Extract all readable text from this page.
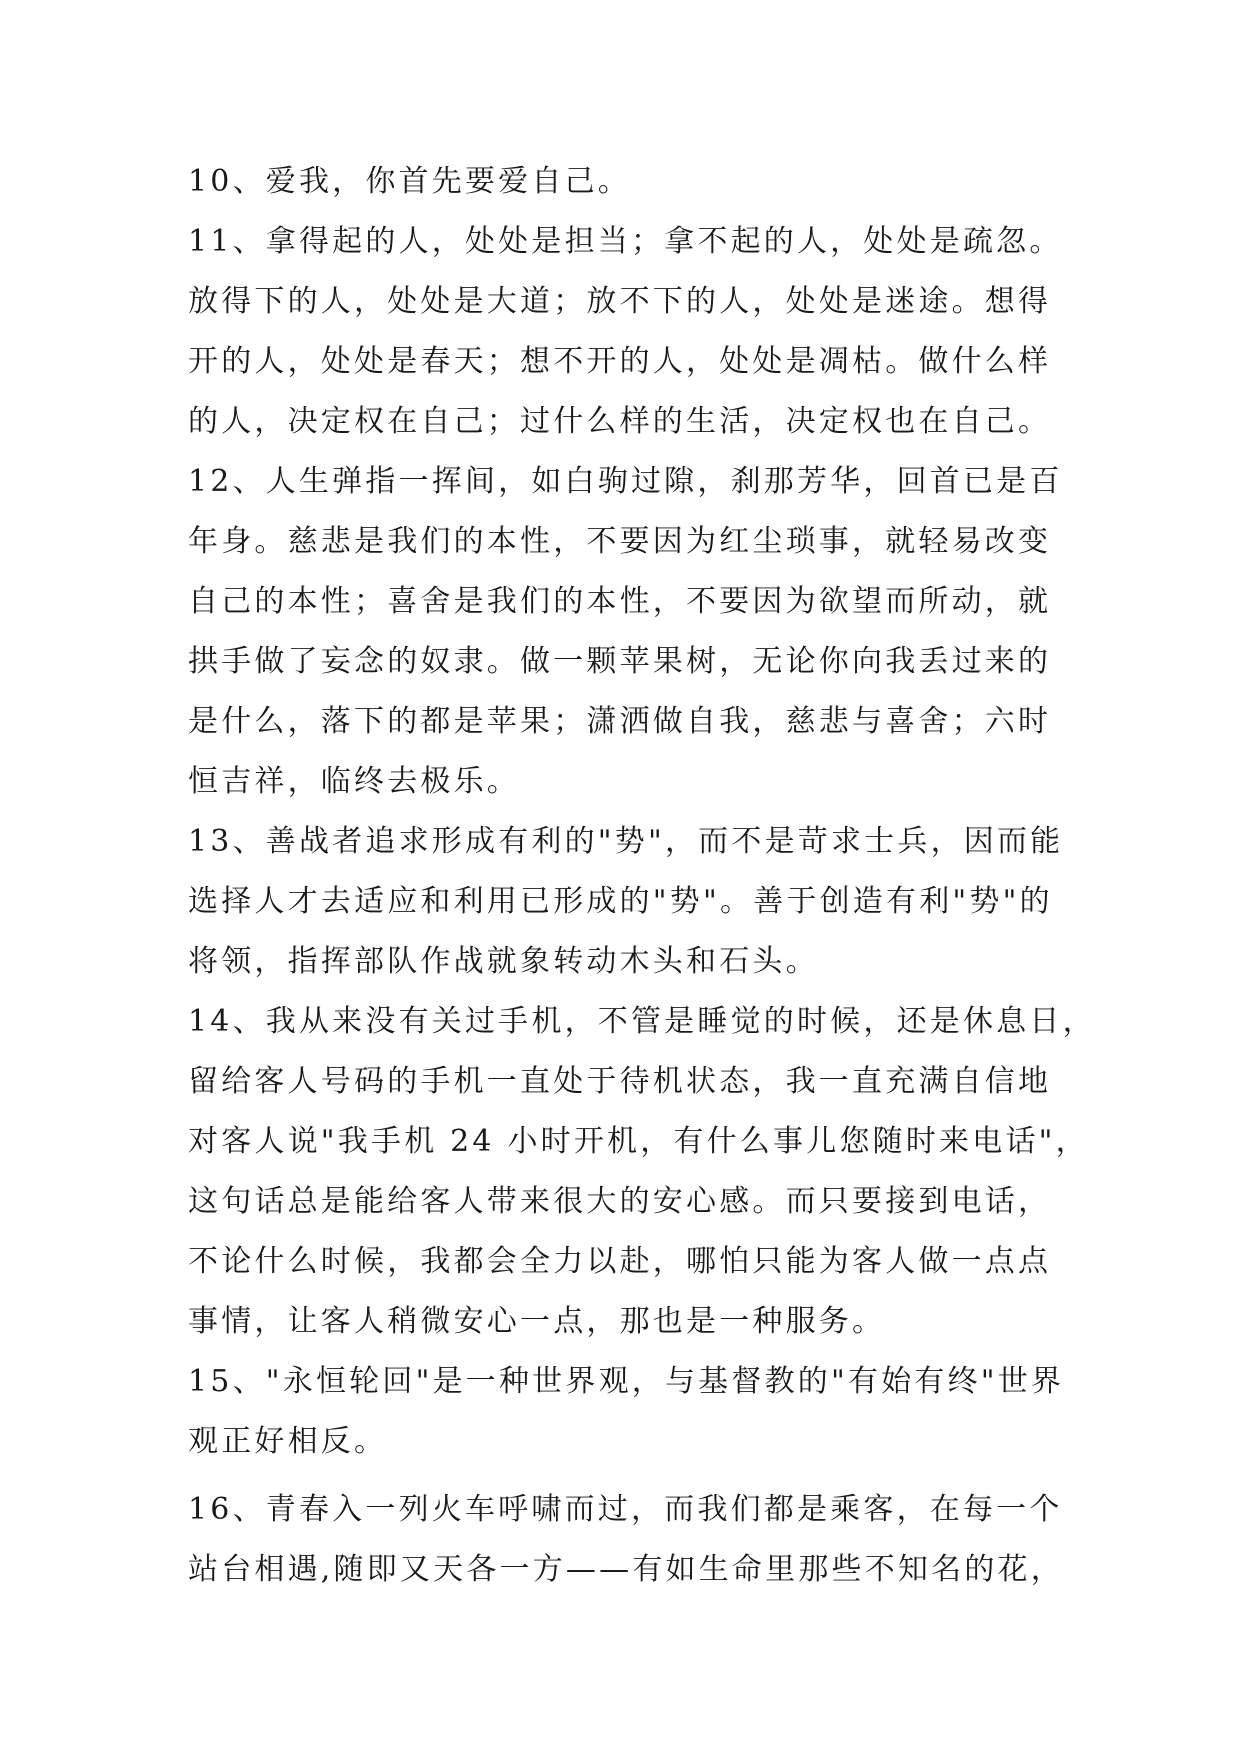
10、爱我，你首先要爱自己。
11、拿得起的人，处处是担当；拿不起的人，处处是疏忽。
放得下的人，处处是大道；放不下的人，处处是迷途。想得
开的人，处处是春天；想不开的人，处处是凋枯。做什么样
的人，决定权在自己；过什么样的生活，决定权也在自己。
12、人生弹指一挥间，如白驹过隙，刹那芳华，回首已是百
年身。慈悲是我们的本性，不要因为红尘琐事，就轻易改变
自己的本性；喜舍是我们的本性，不要因为欲望而所动，就
拱手做了妄念的奴隶。做一颗苹果树，无论你向我丢过来的
是什么，落下的都是苹果；潇洒做自我，慈悲与喜舍；六时
恒吉祥，临终去极乐。
13、善战者追求形成有利的"势"，而不是苛求士兵，因而能
选择人才去适应和利用已形成的"势"。善于创造有利"势"的
将领，指挥部队作战就象转动木头和石头。
14、我从来没有关过手机，不管是睡觉的时候，还是休息日，
留给客人号码的手机一直处于待机状态，我一直充满自信地
对客人说"我手机 24 小时开机，有什么事儿您随时来电话"，
这句话总是能给客人带来很大的安心感。而只要接到电话，
不论什么时候，我都会全力以赴，哪怕只能为客人做一点点
事情，让客人稍微安心一点，那也是一种服务。
15、"永恒轮回"是一种世界观，与基督教的"有始有终"世界
观正好相反。
16、青春入一列火车呼啸而过，而我们都是乘客，在每一个
站台相遇,随即又天各一方——有如生命里那些不知名的花，
